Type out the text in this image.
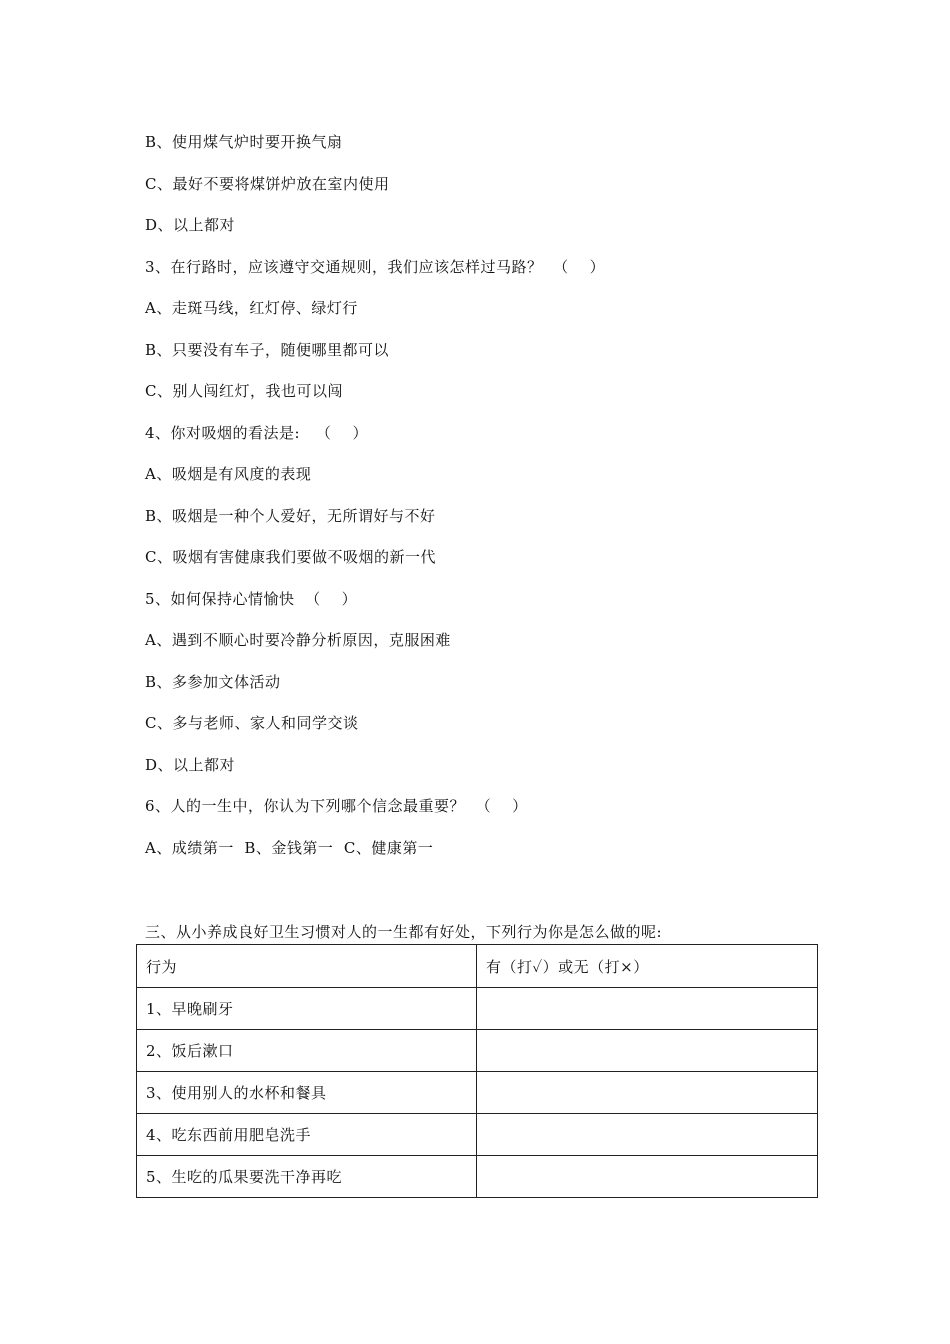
B、使用煤气炉时要开换气扇
C、最好不要将煤饼炉放在室内使用
D、以上都对
3、在行路时，应该遵守交通规则，我们应该怎样过马路？  （    ）
A、走斑马线，红灯停、绿灯行
B、只要没有车子，随便哪里都可以
C、别人闯红灯，我也可以闯
4、你对吸烟的看法是:   （    ）
A、吸烟是有风度的表现
B、吸烟是一种个人爱好，无所谓好与不好
C、吸烟有害健康我们要做不吸烟的新一代
5、如何保持心情愉快  （    ）
A、遇到不顺心时要冷静分析原因，克服困难
B、多参加文体活动
C、多与老师、家人和同学交谈
D、以上都对
6、人的一生中，你认为下列哪个信念最重要？  （    ）
A、成绩第一  B、金钱第一  C、健康第一
三、从小养成良好卫生习惯对人的一生都有好处，下列行为你是怎么做的呢:
行为	有（打✓）或无（打×）
1、早晚刷牙	
2、饭后漱口	
3、使用别人的水杯和餐具	
4、吃东西前用肥皂洗手	
5、生吃的瓜果要洗干净再吃	
